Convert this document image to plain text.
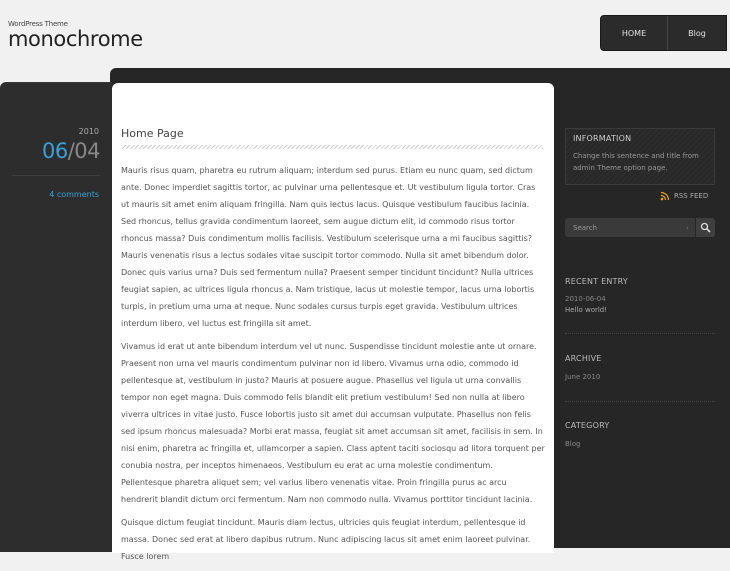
WordPress Theme
monochrome	HOME	Blog
2010
06/04
4 comments
Home Page

Mauris risus quam, pharetra eu rutrum aliquam; interdum sed purus. Etiam eu nunc quam, sed dictum ante. Donec imperdiet sagittis tortor, ac pulvinar urna pellentesque et. Ut vestibulum ligula tortor. Cras ut mauris sit amet enim aliquam fringilla. Nam quis lectus lacus. Quisque vestibulum faucibus lacinia. Sed rhoncus, tellus gravida condimentum laoreet, sem augue dictum elit, id commodo risus tortor rhoncus massa? Duis condimentum mollis facilisis. Vestibulum scelerisque urna a mi faucibus sagittis? Mauris venenatis risus a lectus sodales vitae suscipit tortor commodo. Nulla sit amet bibendum dolor. Donec quis varius urna? Duis sed fermentum nulla? Praesent semper tincidunt tincidunt? Nulla ultrices feugiat sapien, ac ultrices ligula rhoncus a. Nam tristique, lacus ut molestie tempor, lacus urna lobortis turpis, in pretium urna urna at neque. Nunc sodales cursus turpis eget gravida. Vestibulum ultrices interdum libero, vel luctus est fringilla sit amet.

Vivamus id erat ut ante bibendum interdum vel ut nunc. Suspendisse tincidunt molestie ante ut ornare. Praesent non urna vel mauris condimentum pulvinar non id libero. Vivamus urna odio, commodo id pellentesque at, vestibulum in justo? Mauris at posuere augue. Phasellus vel ligula ut urna convallis tempor non eget magna. Duis commodo felis blandit elit pretium vestibulum! Sed non nulla at libero viverra ultrices in vitae justo. Fusce lobortis justo sit amet dui accumsan vulputate. Phasellus non felis sed ipsum rhoncus malesuada? Morbi erat massa, feugiat sit amet accumsan sit amet, facilisis in sem. In nisi enim, pharetra ac fringilla et, ullamcorper a sapien. Class aptent taciti sociosqu ad litora torquent per conubia nostra, per inceptos himenaeos. Vestibulum eu erat ac urna molestie condimentum. Pellentesque pharetra aliquet sem; vel varius libero venenatis vitae. Proin fringilla purus ac arcu hendrerit blandit dictum orci fermentum. Nam non commodo nulla. Vivamus porttitor tincidunt lacinia.

Quisque dictum feugiat tincidunt. Mauris diam lectus, ultricies quis feugiat interdum, pellentesque id massa. Donec sed erat at libero dapibus rutrum. Nunc adipiscing lacus sit amet enim laoreet pulvinar. Fusce lorem

INFORMATION
Change this sentence and title from admin Theme option page.
RSS FEED
Search
›
RECENT ENTRY
2010-06-04
Hello world!
ARCHIVE
June 2010
CATEGORY
Blog
